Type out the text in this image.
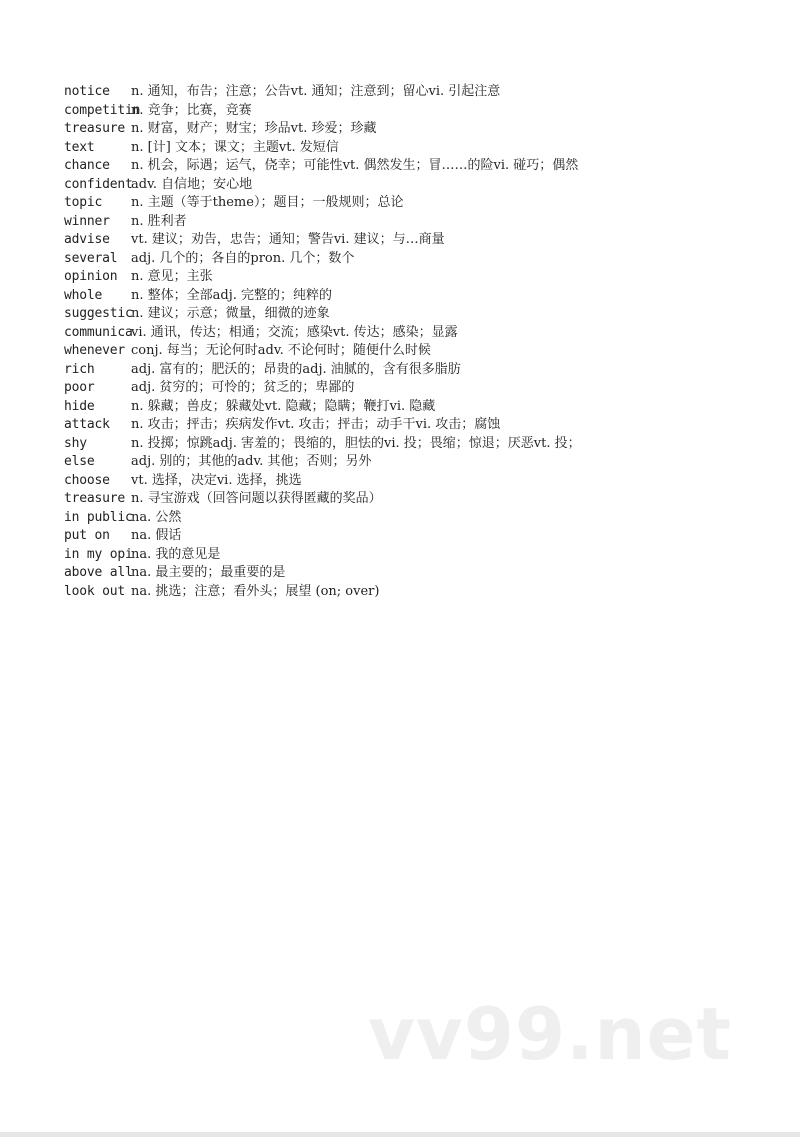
notice	n. 通知，布告；注意；公告vt. 通知；注意到；留心vi. 引起注意
competitin	n. 竞争；比赛，竞赛
treasure	n. 财富，财产；财宝；珍品vt. 珍爱；珍藏
text	n. [计] 文本；课文；主题vt. 发短信
chance	n. 机会，际遇；运气，侥幸；可能性vt. 偶然发生；冒……的险vi. 碰巧；偶然
confident	adv. 自信地；安心地
topic	n. 主题（等于theme）；题目；一般规则；总论
winner	n. 胜利者
advise	vt. 建议；劝告，忠告；通知；警告vi. 建议；与…商量
several	adj. 几个的；各自的pron. 几个；数个
opinion	n. 意见；主张
whole	n. 整体；全部adj. 完整的；纯粹的
suggestic	n. 建议；示意；微量，细微的迹象
communica	vi. 通讯，传达；相通；交流；感染vt. 传达；感染；显露
whenever	conj. 每当；无论何时adv. 不论何时；随便什么时候
rich	adj. 富有的；肥沃的；昂贵的adj. 油腻的，含有很多脂肪
poor	adj. 贫穷的；可怜的；贫乏的；卑鄙的
hide	n. 躲藏；兽皮；躲藏处vt. 隐藏；隐瞒；鞭打vi. 隐藏
attack	n. 攻击；抨击；疾病发作vt. 攻击；抨击；动手干vi. 攻击；腐蚀
shy	n. 投掷；惊跳adj. 害羞的；畏缩的，胆怯的vi. 投；畏缩；惊退；厌恶vt. 投；
else	adj. 别的；其他的adv. 其他；否则；另外
choose	vt. 选择，决定vi. 选择，挑选
treasure	n. 寻宝游戏（回答问题以获得匿藏的奖品）
in public	na. 公然
put on	na. 假话
in my opi	na. 我的意见是
above all	na. 最主要的；最重要的是
look out	na. 挑选；注意；看外头；展望 (on; over)
vv99.net
